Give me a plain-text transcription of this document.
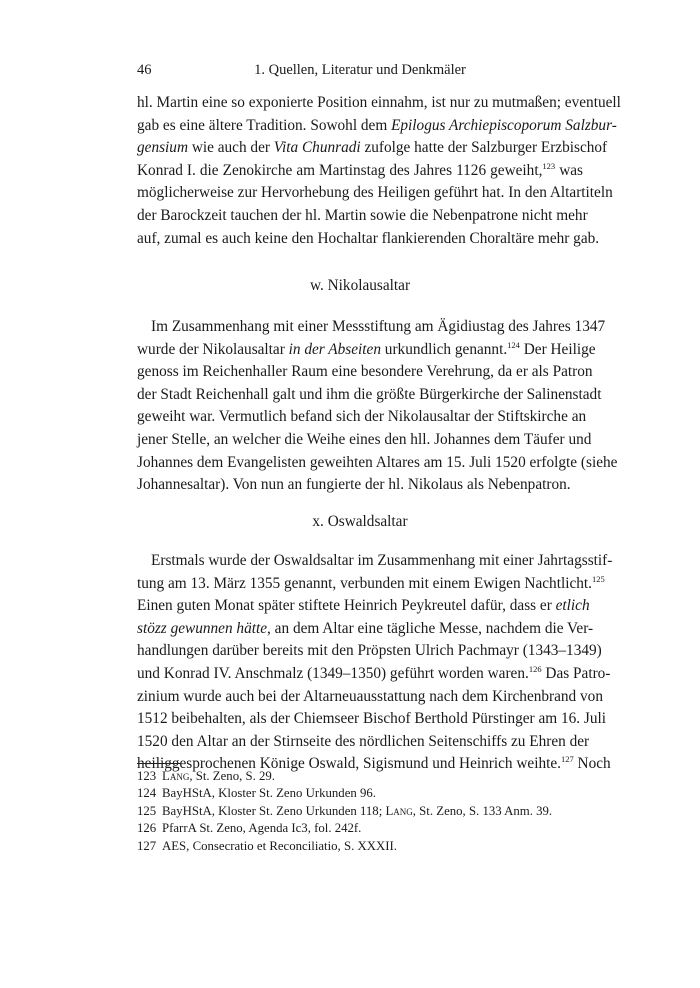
46	1. Quellen, Literatur und Denkmäler
hl. Martin eine so exponierte Position einnahm, ist nur zu mutmaßen; eventuell
gab es eine ältere Tradition. Sowohl dem Epilogus Archiepiscoporum Salzbur-
gensium wie auch der Vita Chunradi zufolge hatte der Salzburger Erzbischof
Konrad I. die Zenokirche am Martinstag des Jahres 1126 geweiht,$^{123}$ was
möglicherweise zur Hervorhebung des Heiligen geführt hat. In den Altartiteln
der Barockzeit tauchen der hl. Martin sowie die Nebenpatrone nicht mehr
auf, zumal es auch keine den Hochaltar flankierenden Choraltäre mehr gab.
w. Nikolausaltar
Im Zusammenhang mit einer Messstiftung am Ägidiustag des Jahres 1347
wurde der Nikolausaltar in der Abseiten urkundlich genannt.$^{124}$ Der Heilige
genoss im Reichenhaller Raum eine besondere Verehrung, da er als Patron
der Stadt Reichenhall galt und ihm die größte Bürgerkirche der Salinenstadt
geweiht war. Vermutlich befand sich der Nikolausaltar der Stiftskirche an
jener Stelle, an welcher die Weihe eines den hll. Johannes dem Täufer und
Johannes dem Evangelisten geweihten Altares am 15. Juli 1520 erfolgte (siehe
Johannesaltar). Von nun an fungierte der hl. Nikolaus als Nebenpatron.
x. Oswaldsaltar
Erstmals wurde der Oswaldsaltar im Zusammenhang mit einer Jahrtagsstif-
tung am 13. März 1355 genannt, verbunden mit einem Ewigen Nachtlicht.$^{125}$
Einen guten Monat später stiftete Heinrich Peykreutel dafür, dass er etlich
stözz gewunnen hätte, an dem Altar eine tägliche Messe, nachdem die Ver-
handlungen darüber bereits mit den Pröpsten Ulrich Pachmayr (1343–1349)
und Konrad IV. Anschmalz (1349–1350) geführt worden waren.$^{126}$ Das Patro-
zinium wurde auch bei der Altarneuausstattung nach dem Kirchenbrand von
1512 beibehalten, als der Chiemseer Bischof Berthold Pürstinger am 16. Juli
1520 den Altar an der Stirnseite des nördlichen Seitenschiffs zu Ehren der
heiliggesprochenen Könige Oswald, Sigismund und Heinrich weihte.$^{127}$ Noch
123 Lang, St. Zeno, S. 29.
124 BayHStA, Kloster St. Zeno Urkunden 96.
125 BayHStA, Kloster St. Zeno Urkunden 118; Lang, St. Zeno, S. 133 Anm. 39.
126 PfarrA St. Zeno, Agenda Ic3, fol. 242f.
127 AES, Consecratio et Reconciliatio, S. XXXII.
